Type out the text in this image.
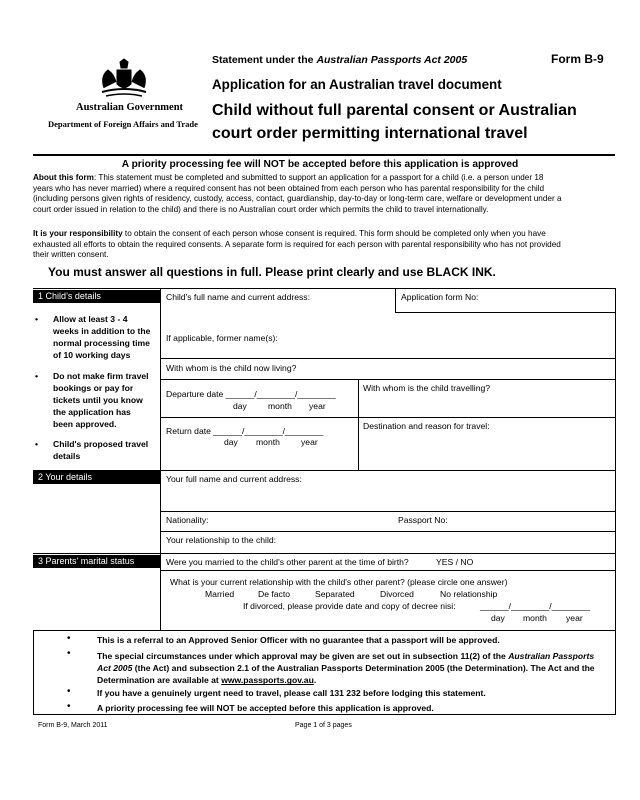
Australian Government
Department of Foreign Affairs and Trade
Statement under the Australian Passports Act 2005	Form B-9
Application for an Australian travel document
Child without full parental consent or Australian
court order permitting international travel
A priority processing fee will NOT be accepted before this application is approved
About this form: This statement must be completed and submitted to support an application for a passport for a child (i.e. a person under 18
years who has never married) where a required consent has not been obtained from each person who has parental responsibility for the child
(including persons given rights of residency, custody, access, contact, guardianship, day-to-day or long-term care, welfare or development under a
court order issued in relation to the child) and there is no Australian court order which permits the child to travel internationally.
It is your responsibility to obtain the consent of each person whose consent is required. This form should be completed only when you have
exhausted all efforts to obtain the required consents. A separate form is required for each person with parental responsibility who has not provided
their written consent.
You must answer all questions in full. Please print clearly and use BLACK INK.
1 Child’s details
• Allow at least 3 - 4
weeks in addition to the
normal processing time
of 10 working days
• Do not make firm travel
bookings or pay for
tickets until you know
the application has
been approved.
• Child's proposed travel
details
Child's full name and current address:	Application form No:
If applicable, former name(s):
With whom is the child now living?
Departure date ______/________/________
day month year
With whom is the child travelling?
Return date ______/________/________
day month year
Destination and reason for travel:
2 Your details	Your full name and current address:
Nationality:	Passport No:
Your relationship to the child:
3 Parents' marital status	Were you married to the child's other parent at the time of birth?	YES / NO
What is your current relationship with the child's other parent? (please circle one answer)
Married	De facto	Separated	Divorced	No relationship
If divorced, please provide date and copy of decree nisi:	______/________/________
day month year
•	This is a referral to an Approved Senior Officer with no guarantee that a passport will be approved.
•	The special circumstances under which approval may be given are set out in subsection 11(2) of the Australian Passports
Act 2005 (the Act) and subsection 2.1 of the Australian Passports Determination 2005 (the Determination). The Act and the
Determination are available at www.passports.gov.au.
•	If you have a genuinely urgent need to travel, please call 131 232 before lodging this statement.
•	A priority processing fee will NOT be accepted before this application is approved.
Form B-9, March 2011	Page 1 of 3 pages
